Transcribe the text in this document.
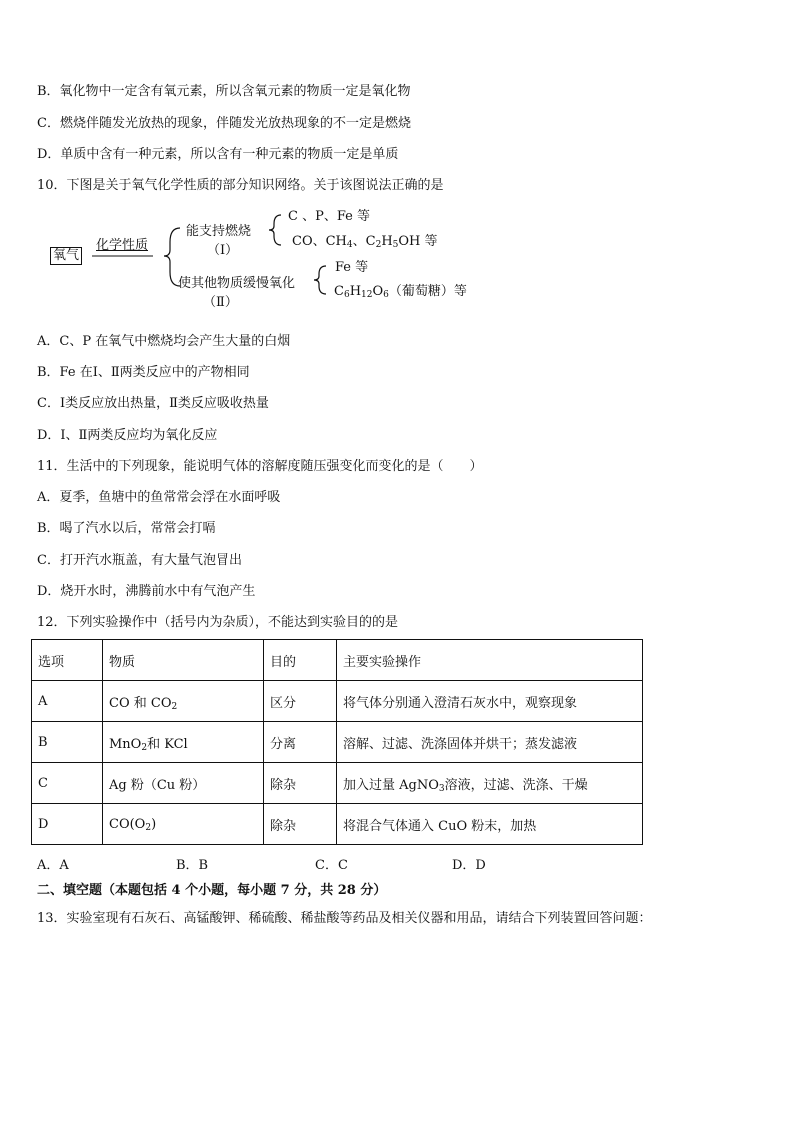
B．氧化物中一定含有氧元素，所以含氧元素的物质一定是氧化物
C．燃烧伴随发光放热的现象，伴随发光放热现象的不一定是燃烧
D．单质中含有一种元素，所以含有一种元素的物质一定是单质
10．下图是关于氧气化学性质的部分知识网络。关于该图说法正确的是
氧气
化学性质
能支持燃烧
（Ⅰ）
C 、P、Fe 等
CO、$CH_4$、$C_2H_5OH$ 等
使其他物质缓慢氧化
（Ⅱ）
Fe 等
$C_6H_{12}O_6$（葡萄糖）等
A．C、P 在氧气中燃烧均会产生大量的白烟
B．Fe 在Ⅰ、Ⅱ两类反应中的产物相同
C．Ⅰ类反应放出热量，Ⅱ类反应吸收热量
D．Ⅰ、Ⅱ两类反应均为氧化反应
11．生活中的下列现象，能说明气体的溶解度随压强变化而变化的是（　　）
A．夏季，鱼塘中的鱼常常会浮在水面呼吸
B．喝了汽水以后，常常会打嗝
C．打开汽水瓶盖，有大量气泡冒出
D．烧开水时，沸腾前水中有气泡产生
12．下列实验操作中（括号内为杂质），不能达到实验目的的是
选项	物质	目的	主要实验操作
A	CO 和 $CO_2$	区分	将气体分别通入澄清石灰水中，观察现象
B	MnO$_2$和 KCl	分离	溶解、过滤、洗涤固体并烘干；蒸发滤液
C	Ag 粉（Cu 粉）	除杂	加入过量 AgNO$_3$溶液，过滤、洗涤、干燥
D	$CO(O_2)$	除杂	将混合气体通入 CuO 粉末，加热
A．A	B．B	C．C	D．D
二、填空题（本题包括 4 个小题，每小题 7 分，共 28 分）
13．实验室现有石灰石、高锰酸钾、稀硫酸、稀盐酸等药品及相关仪器和用品，请结合下列装置回答问题：
